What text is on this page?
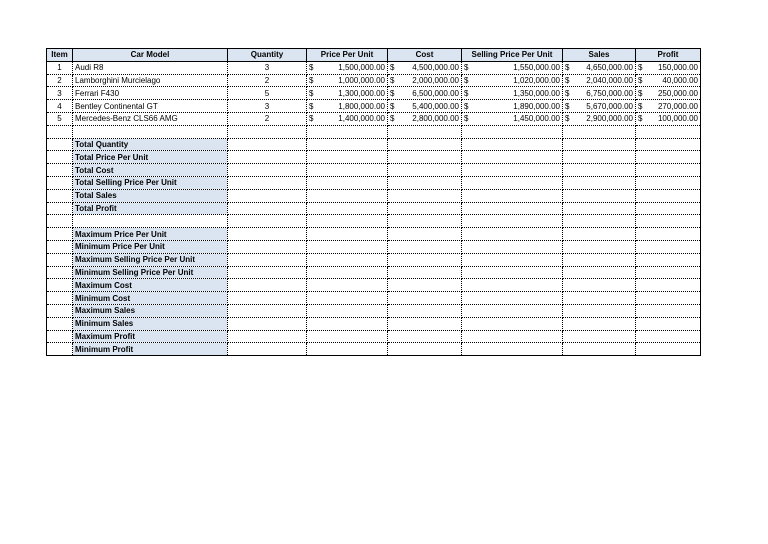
Item	Car Model	Quantity	Price Per Unit	Cost	Selling Price Per Unit	Sales	Profit
1	Audi R8	3	$ 1,500,000.00	$ 4,500,000.00	$ 1,550,000.00	$ 4,650,000.00	$ 150,000.00

2	Lamborghini Murcielago	2	$ 1,000,000.00	$ 2,000,000.00	$ 1,020,000.00	$ 2,040,000.00	$ 40,000.00

3	Ferrari F430	5	$ 1,300,000.00	$ 6,500,000.00	$ 1,350,000.00	$ 6,750,000.00	$ 250,000.00

4	Bentley Continental GT	3	$ 1,800,000.00	$ 5,400,000.00	$ 1,890,000.00	$ 5,670,000.00	$ 270,000.00

5	Mercedes-Benz CLS66 AMG	2	$ 1,400,000.00	$ 2,800,000.00	$ 1,450,000.00	$ 2,900,000.00	$ 100,000.00

	Total Quantity						
	Total Price Per Unit						
	Total Cost						
	Total Selling Price Per Unit						
	Total Sales						
	Total Profit						

	Maximum Price Per Unit						
	Minimum Price Per Unit						
	Maximum Selling Price Per Unit						
	Minimum Selling Price Per Unit						
	Maximum Cost						
	Minimum Cost						
	Maximum Sales						
	Minimum Sales						
	Maximum Profit						
	Minimum Profit						
